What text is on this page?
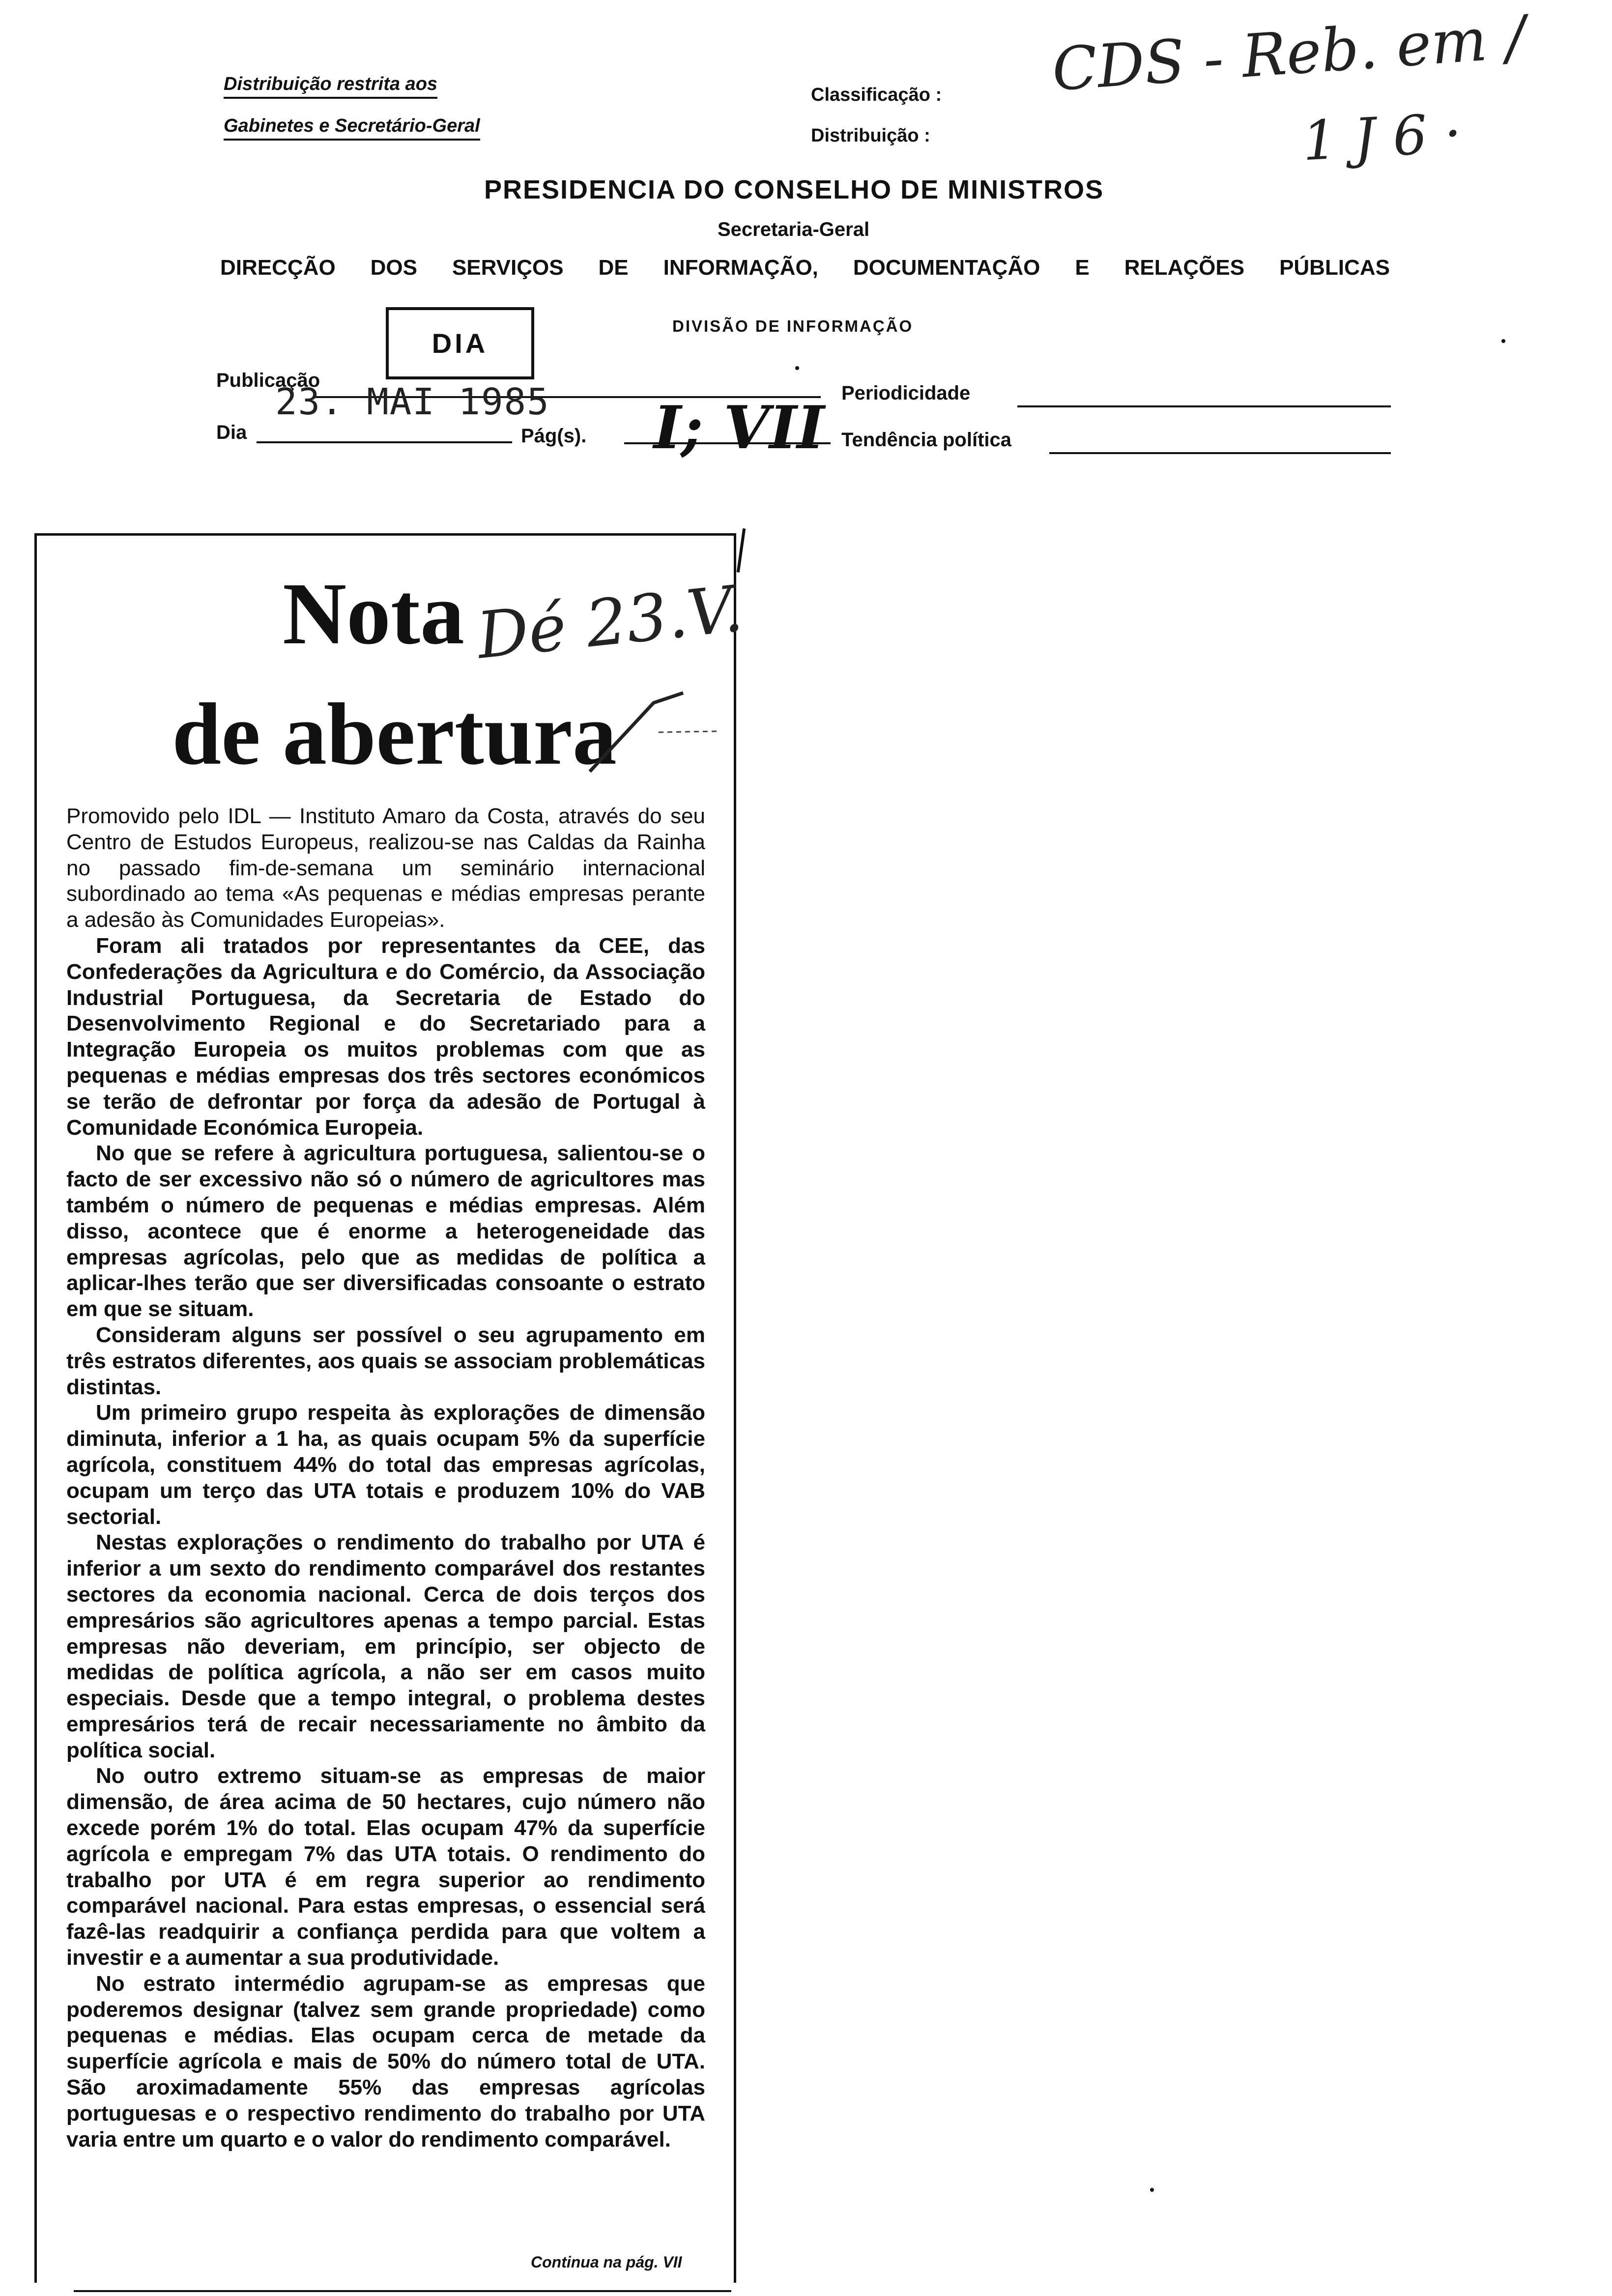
Distribuição restrita aos
Gabinetes e Secretário-Geral
Classificação :
Distribuição :
CDS - Reb. em /
1 J 6 ·
PRESIDENCIA DO CONSELHO DE MINISTROS
Secretaria-Geral
DIRECÇÃO DOS SERVIÇOS DE INFORMAÇÃO, DOCUMENTAÇÃO E RELAÇÕES PÚBLICAS
DIVISÃO DE INFORMAÇÃO
DIA
Publicação
23. MAI 1985
Dia	Pág(s). I; VII Periodicidade
Tendência política
Nota
de abertura
Dé 23.V.

Promovido pelo IDL — Instituto Amaro da Costa, através do seu Centro de Estudos Europeus, realizou-se nas Caldas da Rainha no passado fim-de-semana um seminário internacional subordinado ao tema «As pequenas e médias empresas perante a adesão às Comunidades Europeias».

Foram ali tratados por representantes da CEE, das Confederações da Agricultura e do Comércio, da Associação Industrial Portuguesa, da Secretaria de Estado do Desenvolvimento Regional e do Secretariado para a Integração Europeia os muitos problemas com que as pequenas e médias empresas dos três sectores económicos se terão de defrontar por força da adesão de Portugal à Comunidade Económica Europeia.

No que se refere à agricultura portuguesa, salientou-se o facto de ser excessivo não só o número de agricultores mas também o número de pequenas e médias empresas. Além disso, acontece que é enorme a heterogeneidade das empresas agrícolas, pelo que as medidas de política a aplicar-lhes terão que ser diversificadas consoante o estrato em que se situam.

Consideram alguns ser possível o seu agrupamento em três estratos diferentes, aos quais se associam problemáticas distintas.

Um primeiro grupo respeita às explorações de dimensão diminuta, inferior a 1 ha, as quais ocupam 5% da superfície agrícola, constituem 44% do total das empresas agrícolas, ocupam um terço das UTA totais e produzem 10% do VAB sectorial.

Nestas explorações o rendimento do trabalho por UTA é inferior a um sexto do rendimento comparável dos restantes sectores da economia nacional. Cerca de dois terços dos empresários são agricultores apenas a tempo parcial. Estas empresas não deveriam, em princípio, ser objecto de medidas de política agrícola, a não ser em casos muito especiais. Desde que a tempo integral, o problema destes empresários terá de recair necessariamente no âmbito da política social.

No outro extremo situam-se as empresas de maior dimensão, de área acima de 50 hectares, cujo número não excede porém 1% do total. Elas ocupam 47% da superfície agrícola e empregam 7% das UTA totais. O rendimento do trabalho por UTA é em regra superior ao rendimento comparável nacional. Para estas empresas, o essencial será fazê-las readquirir a confiança perdida para que voltem a investir e a aumentar a sua produtividade.

No estrato intermédio agrupam-se as empresas que poderemos designar (talvez sem grande propriedade) como pequenas e médias. Elas ocupam cerca de metade da superfície agrícola e mais de 50% do número total de UTA. São aroximadamente 55% das empresas agrícolas portuguesas e o respectivo rendimento do trabalho por UTA varia entre um quarto e o valor do rendimento comparável.

Continua na pág. VII
